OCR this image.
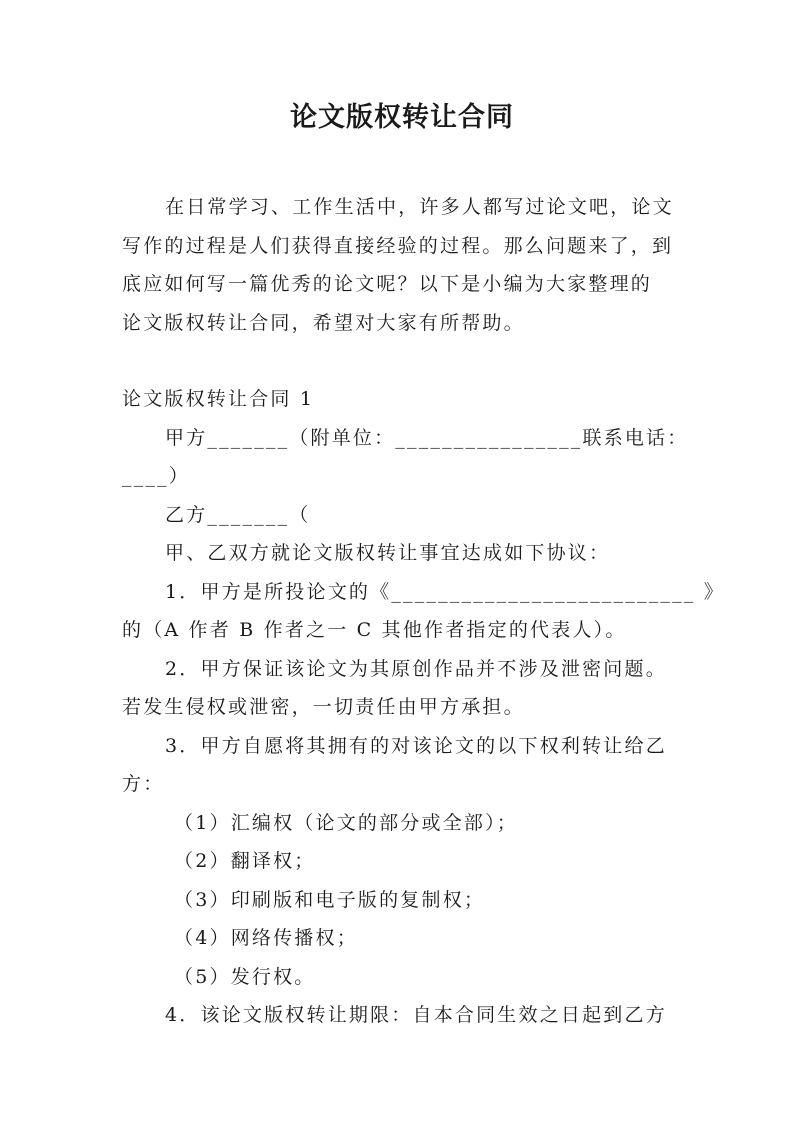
论文版权转让合同

在日常学习、工作生活中，许多人都写过论文吧，论文

写作的过程是人们获得直接经验的过程。那么问题来了，到

底应如何写一篇优秀的论文呢？以下是小编为大家整理的

论文版权转让合同，希望对大家有所帮助。

论文版权转让合同 1

甲方_______（附单位：________________联系电话：

____）

乙方_______（

甲、乙双方就论文版权转让事宜达成如下协议：

1．甲方是所投论文的《__________________________ 》

的（A 作者 B 作者之一 C 其他作者指定的代表人）。

2．甲方保证该论文为其原创作品并不涉及泄密问题。

若发生侵权或泄密，一切责任由甲方承担。

3．甲方自愿将其拥有的对该论文的以下权利转让给乙

方：

（1）汇编权（论文的部分或全部）；

（2）翻译权；

（3）印刷版和电子版的复制权；

（4）网络传播权；

（5）发行权。

4．该论文版权转让期限：自本合同生效之日起到乙方
